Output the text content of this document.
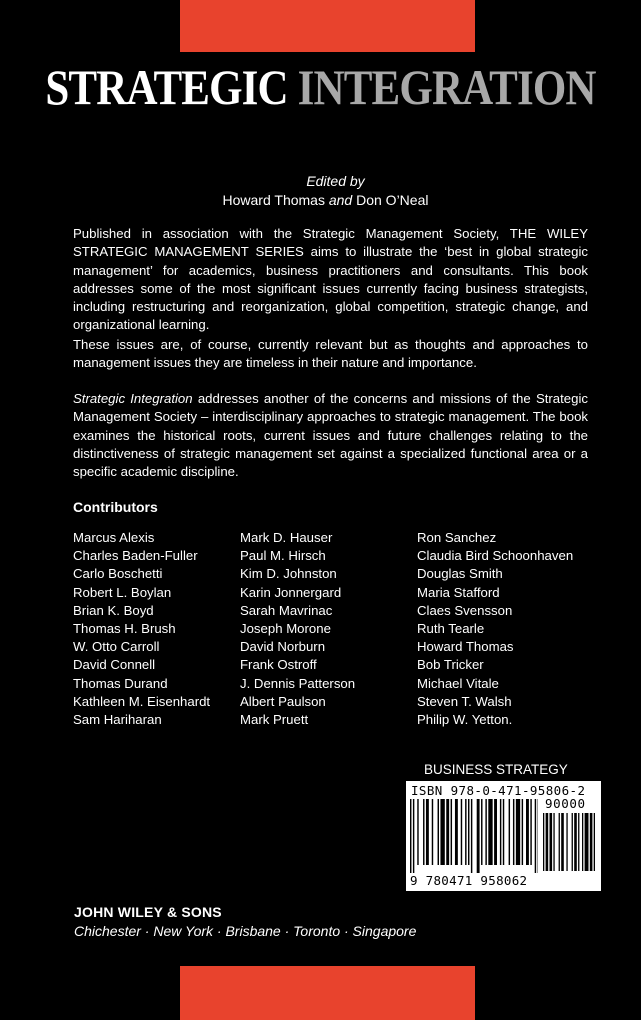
STRATEGIC INTEGRATION
Edited by
Howard Thomas and Don O’Neal

Published in association with the Strategic Management Society, THE WILEY STRATEGIC MANAGEMENT SERIES aims to illustrate the ‘best in global strategic management’ for academics, business practitioners and consultants. This book addresses some of the most significant issues currently facing business strategists, including restructuring and reorganization, global competition, strategic change, and organizational learning.

These issues are, of course, currently relevant but as thoughts and approaches to management issues they are timeless in their nature and importance.

Strategic Integration addresses another of the concerns and missions of the Strategic Management Society – interdisciplinary approaches to strategic management. The book examines the historical roots, current issues and future challenges relating to the distinctiveness of strategic management set against a specialized functional area or a specific academic discipline.

Contributors
Marcus Alexis
Charles Baden-Fuller
Carlo Boschetti
Robert L. Boylan
Brian K. Boyd
Thomas H. Brush
W. Otto Carroll
David Connell
Thomas Durand
Kathleen M. Eisenhardt
Sam Hariharan
Mark D. Hauser
Paul M. Hirsch
Kim D. Johnston
Karin Jonnergard
Sarah Mavrinac
Joseph Morone
David Norburn
Frank Ostroff
J. Dennis Patterson
Albert Paulson
Mark Pruett
Ron Sanchez
Claudia Bird Schoonhaven
Douglas Smith
Maria Stafford
Claes Svensson
Ruth Tearle
Howard Thomas
Bob Tricker
Michael Vitale
Steven T. Walsh
Philip W. Yetton.
BUSINESS STRATEGY
ISBN 978-0-471-95806-2
90000
9 780471 958062
JOHN WILEY & SONS
Chichester · New York · Brisbane · Toronto · Singapore
